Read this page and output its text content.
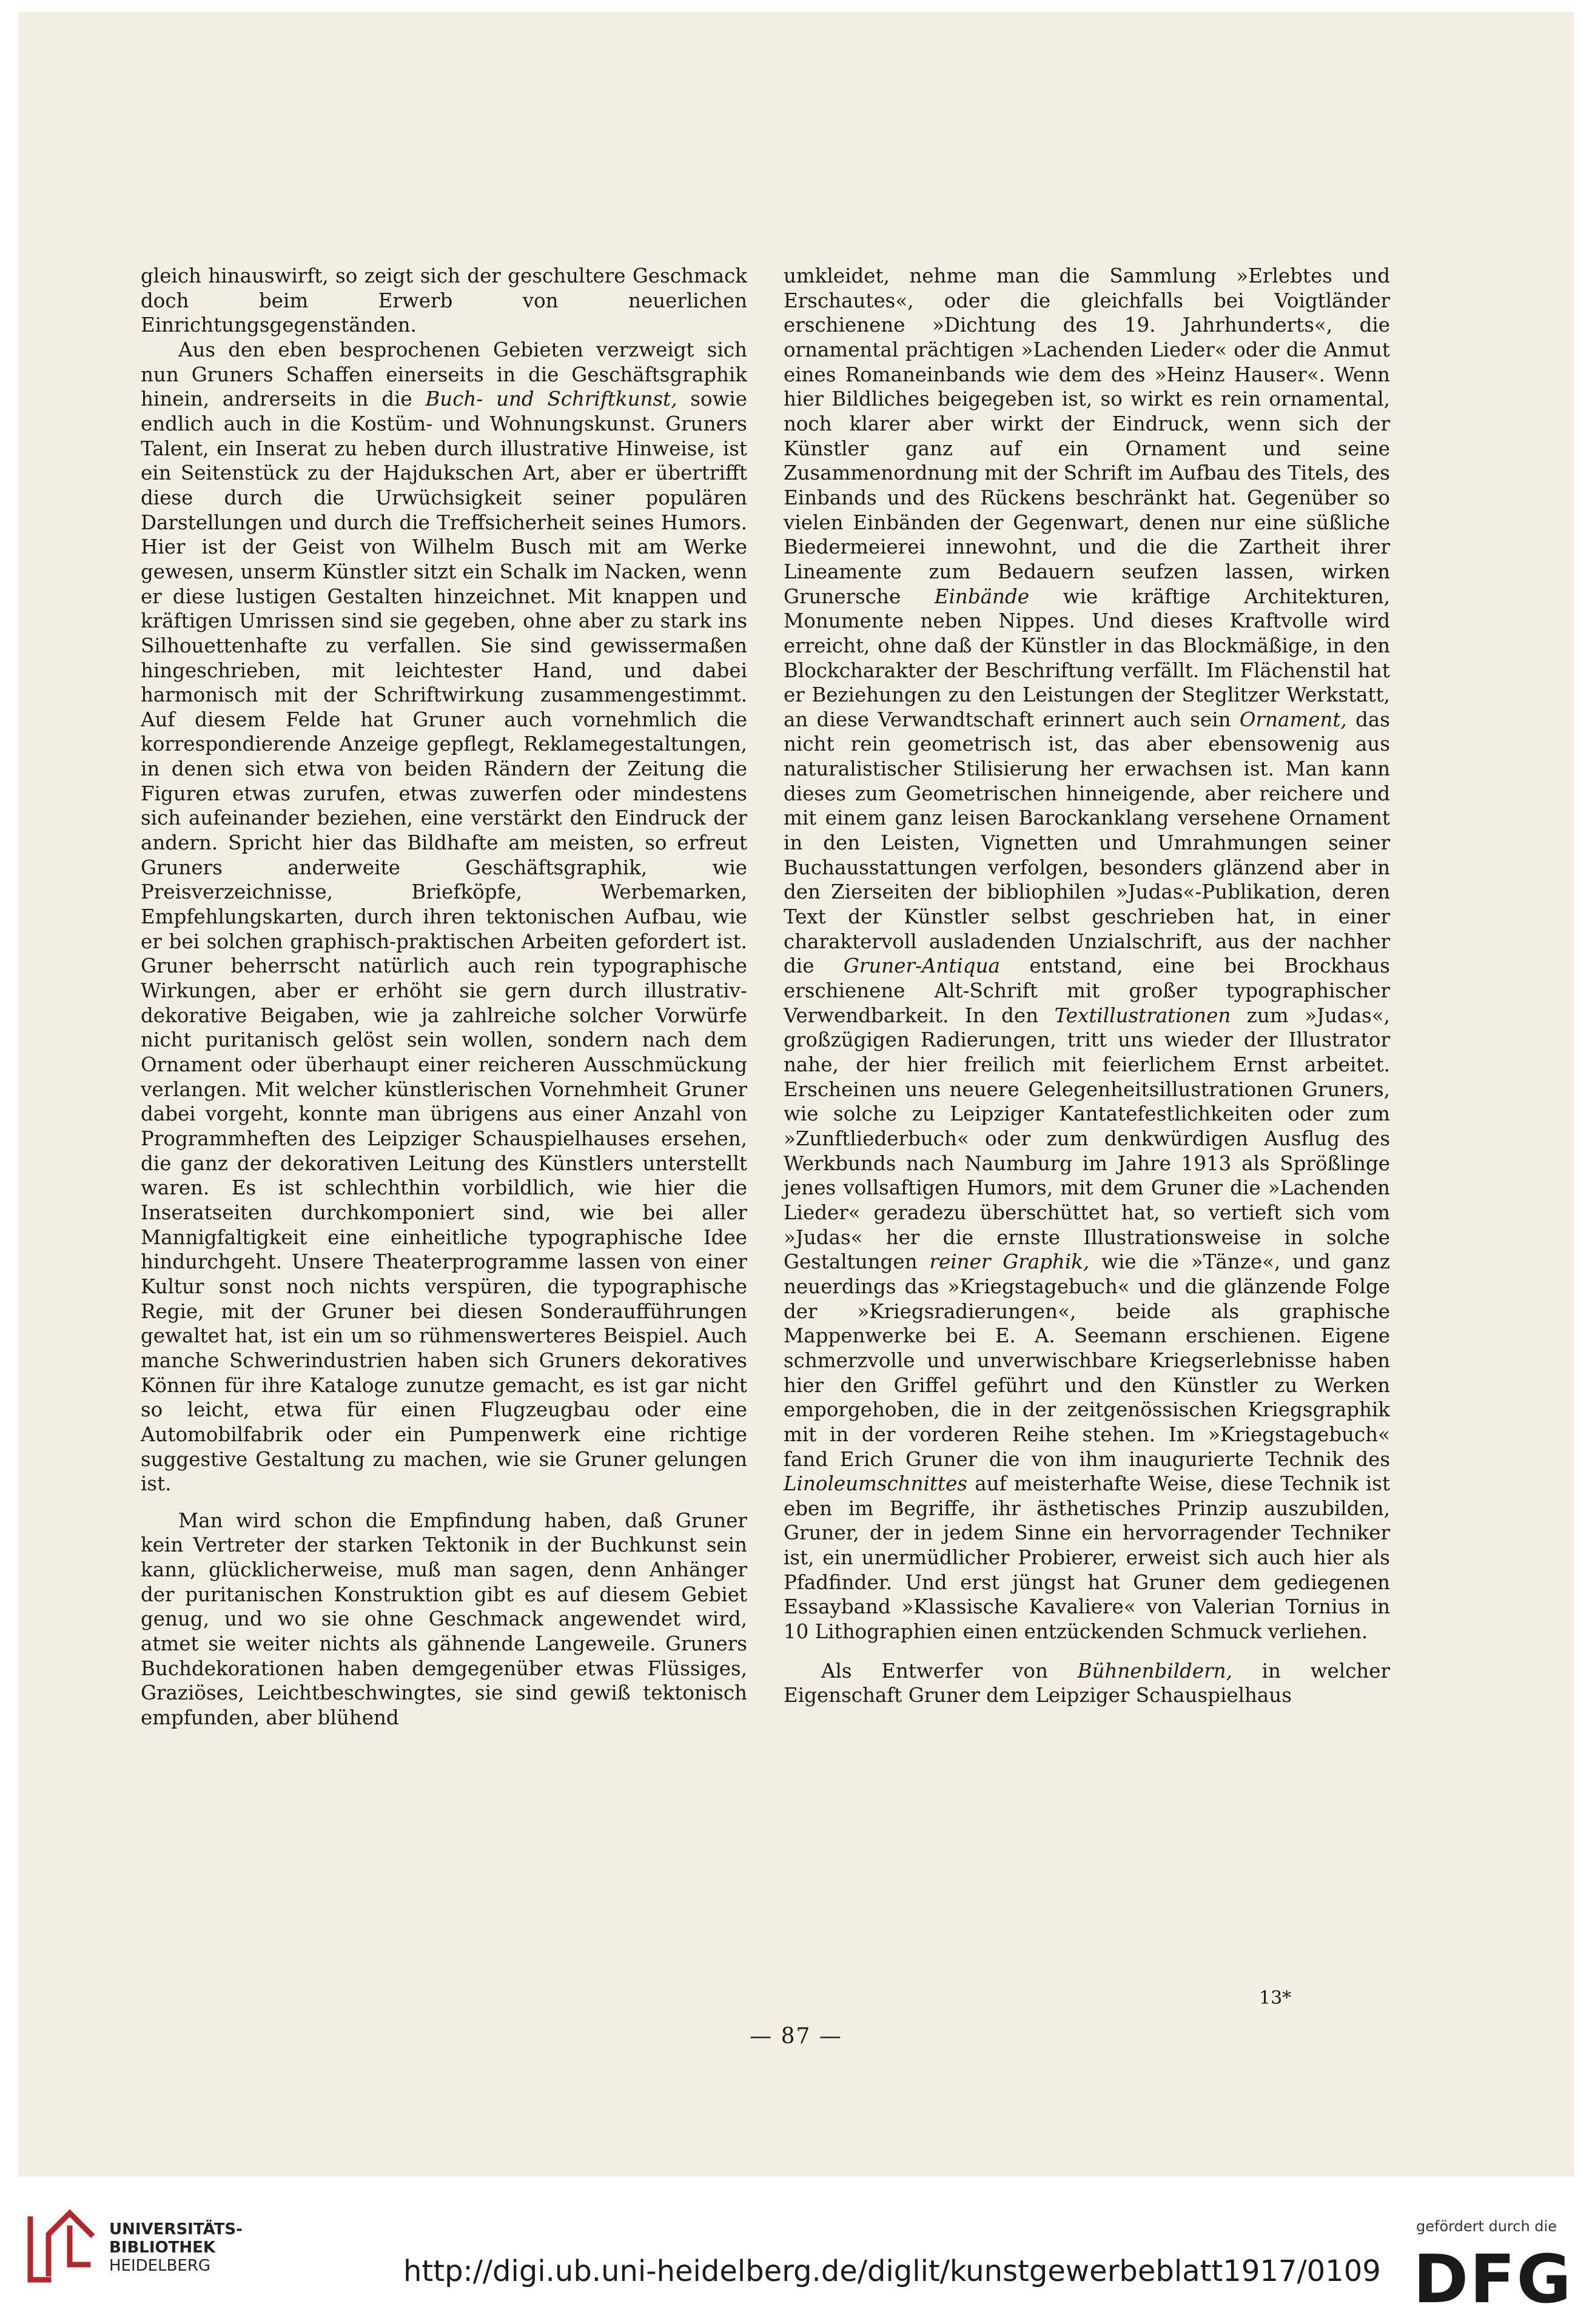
gleich hinauswirft, so zeigt sich der geschultere Geschmack doch beim Erwerb von neuerlichen Einrichtungsgegenständen.

Aus den eben besprochenen Gebieten verzweigt sich nun Gruners Schaffen einerseits in die Geschäftsgraphik hinein, andrerseits in die Buch- und Schriftkunst, sowie endlich auch in die Kostüm- und Wohnungskunst. Gruners Talent, ein Inserat zu heben durch illustrative Hinweise, ist ein Seitenstück zu der Hajdukschen Art, aber er übertrifft diese durch die Urwüchsigkeit seiner populären Darstellungen und durch die Treffsicherheit seines Humors. Hier ist der Geist von Wilhelm Busch mit am Werke gewesen, unserm Künstler sitzt ein Schalk im Nacken, wenn er diese lustigen Gestalten hinzeichnet. Mit knappen und kräftigen Umrissen sind sie gegeben, ohne aber zu stark ins Silhouettenhafte zu verfallen. Sie sind gewissermaßen hingeschrieben, mit leichtester Hand, und dabei harmonisch mit der Schriftwirkung zusammengestimmt. Auf diesem Felde hat Gruner auch vornehmlich die korrespondierende Anzeige gepflegt, Reklamegestaltungen, in denen sich etwa von beiden Rändern der Zeitung die Figuren etwas zurufen, etwas zuwerfen oder mindestens sich aufeinander beziehen, eine verstärkt den Eindruck der andern. Spricht hier das Bildhafte am meisten, so erfreut Gruners anderweite Geschäftsgraphik, wie Preisverzeichnisse, Briefköpfe, Werbemarken, Empfehlungskarten, durch ihren tektonischen Aufbau, wie er bei solchen graphisch-praktischen Arbeiten gefordert ist. Gruner beherrscht natürlich auch rein typographische Wirkungen, aber er erhöht sie gern durch illustrativ-dekorative Beigaben, wie ja zahlreiche solcher Vorwürfe nicht puritanisch gelöst sein wollen, sondern nach dem Ornament oder überhaupt einer reicheren Ausschmückung verlangen. Mit welcher künstlerischen Vornehmheit Gruner dabei vorgeht, konnte man übrigens aus einer Anzahl von Programmheften des Leipziger Schauspielhauses ersehen, die ganz der dekorativen Leitung des Künstlers unterstellt waren. Es ist schlechthin vorbildlich, wie hier die Inseratseiten durchkomponiert sind, wie bei aller Mannigfaltigkeit eine einheitliche typographische Idee hindurchgeht. Unsere Theaterprogramme lassen von einer Kultur sonst noch nichts verspüren, die typographische Regie, mit der Gruner bei diesen Sonderaufführungen gewaltet hat, ist ein um so rühmenswerteres Beispiel. Auch manche Schwerindustrien haben sich Gruners dekoratives Können für ihre Kataloge zunutze gemacht, es ist gar nicht so leicht, etwa für einen Flugzeugbau oder eine Automobilfabrik oder ein Pumpenwerk eine richtige suggestive Gestaltung zu machen, wie sie Gruner gelungen ist.

Man wird schon die Empfindung haben, daß Gruner kein Vertreter der starken Tektonik in der Buchkunst sein kann, glücklicherweise, muß man sagen, denn Anhänger der puritanischen Konstruktion gibt es auf diesem Gebiet genug, und wo sie ohne Geschmack angewendet wird, atmet sie weiter nichts als gähnende Langeweile. Gruners Buchdekorationen haben demgegenüber etwas Flüssiges, Graziöses, Leichtbeschwingtes, sie sind gewiß tektonisch empfunden, aber blühend

umkleidet, nehme man die Sammlung »Erlebtes und Erschautes«, oder die gleichfalls bei Voigtländer erschienene »Dichtung des 19. Jahrhunderts«, die ornamental prächtigen »Lachenden Lieder« oder die Anmut eines Romaneinbands wie dem des »Heinz Hauser«. Wenn hier Bildliches beigegeben ist, so wirkt es rein ornamental, noch klarer aber wirkt der Eindruck, wenn sich der Künstler ganz auf ein Ornament und seine Zusammenordnung mit der Schrift im Aufbau des Titels, des Einbands und des Rückens beschränkt hat. Gegenüber so vielen Einbänden der Gegenwart, denen nur eine süßliche Biedermeierei innewohnt, und die die Zartheit ihrer Lineamente zum Bedauern seufzen lassen, wirken Grunersche Einbände wie kräftige Architekturen, Monumente neben Nippes. Und dieses Kraftvolle wird erreicht, ohne daß der Künstler in das Blockmäßige, in den Blockcharakter der Beschriftung verfällt. Im Flächenstil hat er Beziehungen zu den Leistungen der Steglitzer Werkstatt, an diese Verwandtschaft erinnert auch sein Ornament, das nicht rein geometrisch ist, das aber ebensowenig aus naturalistischer Stilisierung her erwachsen ist. Man kann dieses zum Geometrischen hinneigende, aber reichere und mit einem ganz leisen Barockanklang versehene Ornament in den Leisten, Vignetten und Umrahmungen seiner Buchausstattungen verfolgen, besonders glänzend aber in den Zierseiten der bibliophilen »Judas«-Publikation, deren Text der Künstler selbst geschrieben hat, in einer charaktervoll ausladenden Unzialschrift, aus der nachher die Gruner-Antiqua entstand, eine bei Brockhaus erschienene Alt-Schrift mit großer typographischer Verwendbarkeit. In den Textillustrationen zum »Judas«, großzügigen Radierungen, tritt uns wieder der Illustrator nahe, der hier freilich mit feierlichem Ernst arbeitet. Erscheinen uns neuere Gelegenheitsillustrationen Gruners, wie solche zu Leipziger Kantatefestlichkeiten oder zum »Zunftliederbuch« oder zum denkwürdigen Ausflug des Werkbunds nach Naumburg im Jahre 1913 als Sprößlinge jenes vollsaftigen Humors, mit dem Gruner die »Lachenden Lieder« geradezu überschüttet hat, so vertieft sich vom »Judas« her die ernste Illustrationsweise in solche Gestaltungen reiner Graphik, wie die »Tänze«, und ganz neuerdings das »Kriegstagebuch« und die glänzende Folge der »Kriegsradierungen«, beide als graphische Mappenwerke bei E. A. Seemann erschienen. Eigene schmerzvolle und unverwischbare Kriegserlebnisse haben hier den Griffel geführt und den Künstler zu Werken emporgehoben, die in der zeitgenössischen Kriegsgraphik mit in der vorderen Reihe stehen. Im »Kriegstagebuch« fand Erich Gruner die von ihm inaugurierte Technik des Linoleumschnittes auf meisterhafte Weise, diese Technik ist eben im Begriffe, ihr ästhetisches Prinzip auszubilden, Gruner, der in jedem Sinne ein hervorragender Techniker ist, ein unermüdlicher Probierer, erweist sich auch hier als Pfadfinder. Und erst jüngst hat Gruner dem gediegenen Essayband »Klassische Kavaliere« von Valerian Tornius in 10 Lithographien einen entzückenden Schmuck verliehen.

Als Entwerfer von Bühnenbildern, in welcher Eigenschaft Gruner dem Leipziger Schauspielhaus

13*
— 87 —
UNIVERSITÄTS-
BIBLIOTHEK
HEIDELBERG	http://digi.ub.uni-heidelberg.de/diglit/kunstgewerbeblatt1917/0109
gefördert durch die
DFG
